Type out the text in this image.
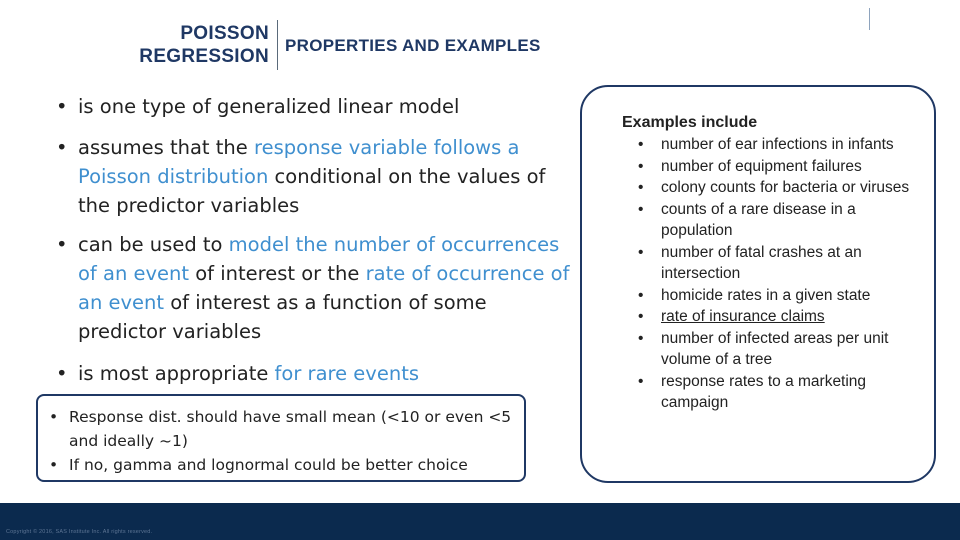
POISSON
REGRESSION
PROPERTIES AND EXAMPLES
• is one type of generalized linear model
• assumes that the response variable follows a Poisson distribution conditional on the values of the predictor variables
• can be used to model the number of occurrences of an event of interest or the rate of occurrence of an event of interest as a function of some predictor variables
• is most appropriate for rare events
• Response dist. should have small mean (<10 or even <5 and ideally ~1)
• If no, gamma and lognormal could be better choice
Examples include
• number of ear infections in infants
• number of equipment failures
• colony counts for bacteria or viruses
• counts of a rare disease in a population
• number of fatal crashes at an intersection
• homicide rates in a given state
• rate of insurance claims
• number of infected areas per unit volume of a tree
• response rates to a marketing campaign
Copyright © 2016, SAS Institute Inc. All rights reserved.
sas	THE
POWER
TO KNOW.
